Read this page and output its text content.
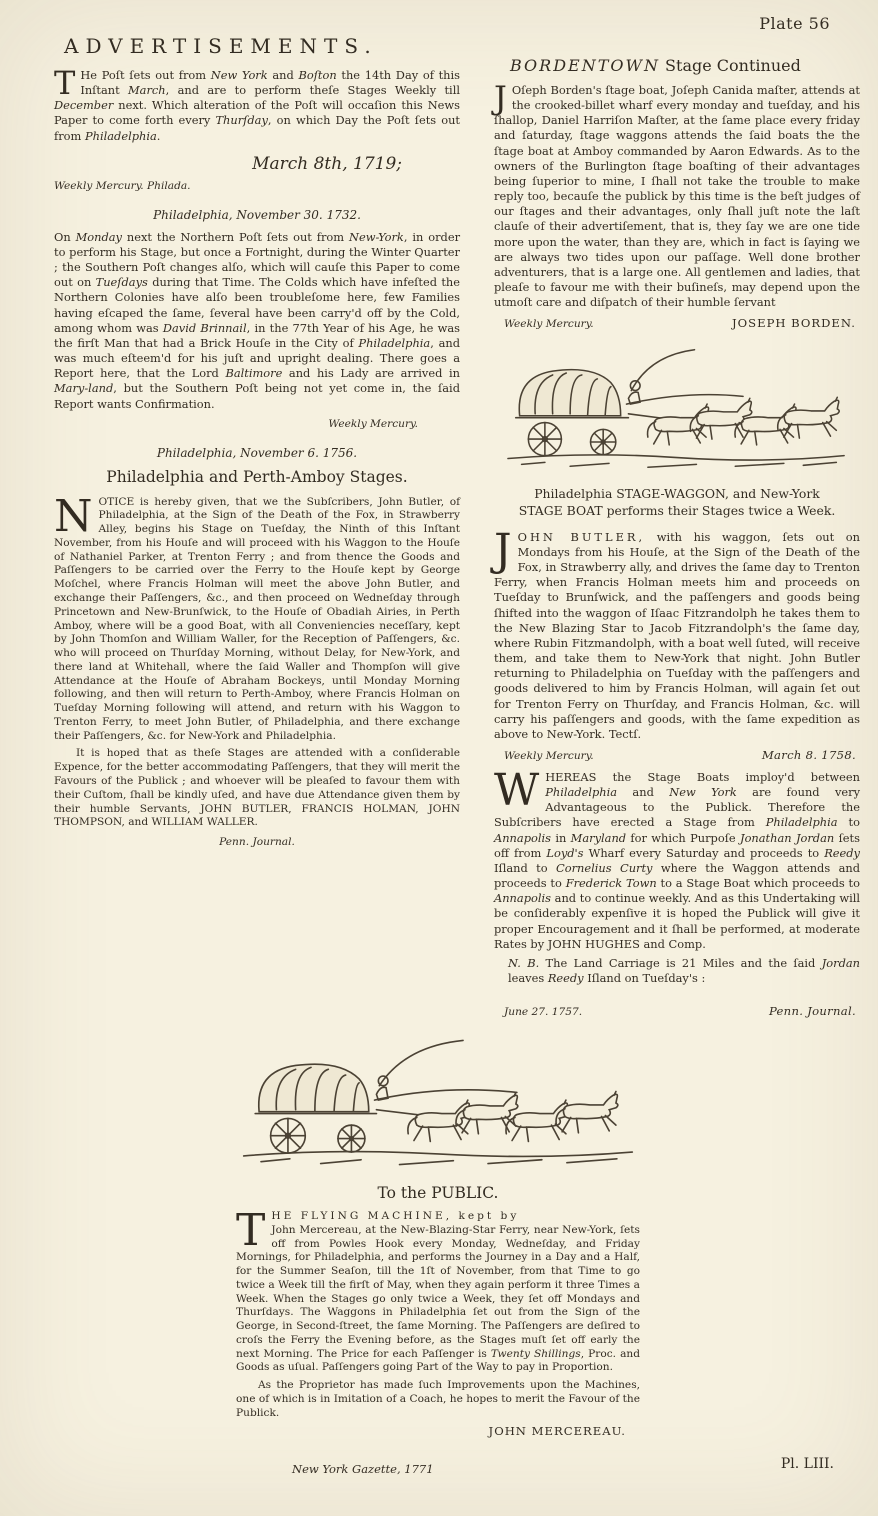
Plate 56
ADVERTISEMENTS.

T He Poſt ſets out from New York and Boſton the 14th Day of this Inſtant March, and are to perform theſe Stages Weekly till December next. Which alteration of the Poſt will occaſion this News Paper to come forth every Thurſday, on which Day the Poſt ſets out from Philadelphia.

March 8th, 1719;
Weekly Mercury. Philada.
Philadelphia, November 30. 1732.

On Monday next the Northern Poſt ſets out from New-York, in order to perform his Stage, but once a Fortnight, during the Winter Quarter ; the Southern Poſt changes alſo, which will cauſe this Paper to come out on Tueſdays during that Time. The Colds which have infeſted the Northern Colonies have alſo been troubleſome here, few Families having eſcaped the ſame, ſeveral have been carry'd off by the Cold, among whom was David Brinnail, in the 77th Year of his Age, he was the firſt Man that had a Brick Houſe in the City of Philadelphia, and was much eſteem'd for his juſt and upright dealing. There goes a Report here, that the Lord Baltimore and his Lady are arrived in Mary-land, but the Southern Poſt being not yet come in, the ſaid Report wants Confirmation.

Weekly Mercury.
Philadelphia, November 6. 1756.
Philadelphia and Perth-Amboy Stages.

NOTICE is hereby given, that we the Subſcribers, John Butler, of Philadelphia, at the Sign of the Death of the Fox, in Strawberry Alley, begins his Stage on Tueſday, the Ninth of this Inſtant November, from his Houſe and will proceed with his Waggon to the Houſe of Nathaniel Parker, at Trenton Ferry ; and from thence the Goods and Paſſengers to be carried over the Ferry to the Houſe kept by George Moſchel, where Francis Holman will meet the above John Butler, and exchange their Paſſengers, &c., and then proceed on Wedneſday through Princetown and New-Brunſwick, to the Houſe of Obadiah Airies, in Perth Amboy, where will be a good Boat, with all Conveniencies neceſſary, kept by John Thomſon and William Waller, for the Reception of Paſſengers, &c. who will proceed on Thurſday Morning, without Delay, for New-York, and there land at Whitehall, where the ſaid Waller and Thompſon will give Attendance at the Houſe of Abraham Bockeys, until Monday Morning following, and then will return to Perth-Amboy, where Francis Holman on Tueſday Morning following will attend, and return with his Waggon to Trenton Ferry, to meet John Butler, of Philadelphia, and there exchange their Paſſengers, &c. for New-York and Philadelphia.

It is hoped that as theſe Stages are attended with a conſiderable Expence, for the better accommodating Paſſengers, that they will merit the Favours of the Publick ; and whoever will be pleaſed to favour them with their Cuſtom, ſhall be kindly uſed, and have due Attendance given them by their humble Servants, JOHN BUTLER, FRANCIS HOLMAN, JOHN THOMPSON, and WILLIAM WALLER.

Penn. Journal.
BORDENTOWN Stage Continued

J Oſeph Borden's ſtage boat, Joſeph Canida maſter, attends at the crooked-billet wharf every monday and tueſday, and his ſhallop, Daniel Harriſon Maſter, at the ſame place every friday and ſaturday, ſtage waggons attends the ſaid boats the the ſtage boat at Amboy commanded by Aaron Edwards. As to the owners of the Burlington ſtage boaſting of their advantages being ſuperior to mine, I ſhall not take the trouble to make reply too, becauſe the publick by this time is the beſt judges of our ſtages and their advantages, only ſhall juſt note the laſt clauſe of their advertiſement, that is, they ſay we are one tide more upon the water, than they are, which in fact is ſaying we are always two tides upon our paſſage. Well done brother adventurers, that is a large one. All gentlemen and ladies, that pleaſe to favour me with their buſineſs, may depend upon the utmoſt care and diſpatch of their humble ſervant

Weekly Mercury.	JOSEPH BORDEN.
Philadelphia STAGE-WAGGON, and New-York
STAGE BOAT performs their Stages twice a Week.

JOHN BUTLER, with his waggon, ſets out on Mondays from his Houſe, at the Sign of the Death of the Fox, in Strawberry ally, and drives the ſame day to Trenton Ferry, when Francis Holman meets him and proceeds on Tueſday to Brunſwick, and the paſſengers and goods being ſhifted into the waggon of Iſaac Fitzrandolph he takes them to the New Blazing Star to Jacob Fitzrandolph's the ſame day, where Rubin Fitzmandolph, with a boat well ſuted, will receive them, and take them to New-York that night. John Butler returning to Philadelphia on Tueſday with the paſſengers and goods delivered to him by Francis Holman, will again ſet out for Trenton Ferry on Thurſday, and Francis Holman, &c. will carry his paſſengers and goods, with the ſame expedition as above to New-York. Tectſ.

Weekly Mercury.	March 8. 1758.

WHEREAS the Stage Boats imploy'd between Philadelphia and New York are found very Advantageous to the Publick. Therefore the Subſcribers have erected a Stage from Philadelphia to Annapolis in Maryland for which Purpoſe Jonathan Jordan ſets off from Loyd's Wharf every Saturday and proceeds to Reedy Iſland to Cornelius Curty where the Waggon attends and proceeds to Frederick Town to a Stage Boat which proceeds to Annapolis and to continue weekly. And as this Undertaking will be conſiderably expenſive it is hoped the Publick will give it proper Encouragement and it ſhall be performed, at moderate Rates by JOHN HUGHES and Comp.

N. B. The Land Carriage is 21 Miles and the ſaid Jordan leaves Reedy Iſland on Tueſday's :

June 27. 1757.	Penn. Journal.
To the PUBLIC.

THE FLYING MACHINE, kept by
John Mercereau, at the New-Blazing-Star Ferry, near New-York, ſets off from Powles Hook every Monday, Wedneſday, and Friday Mornings, for Philadelphia, and performs the Journey in a Day and a Half, for the Summer Seaſon, till the 1ſt of November, from that Time to go twice a Week till the firſt of May, when they again perform it three Times a Week. When the Stages go only twice a Week, they ſet off Mondays and Thurſdays. The Waggons in Philadelphia ſet out from the Sign of the George, in Second-ſtreet, the ſame Morning. The Paſſengers are deſired to croſs the Ferry the Evening before, as the Stages muſt ſet off early the next Morning. The Price for each Paſſenger is Twenty Shillings, Proc. and Goods as uſual. Paſſengers going Part of the Way to pay in Proportion.

As the Proprietor has made ſuch Improvements upon the Machines, one of which is in Imitation of a Coach, he hopes to merit the Favour of the Publick.

JOHN MERCEREAU.
New York Gazette, 1771	Pl. LIII.
